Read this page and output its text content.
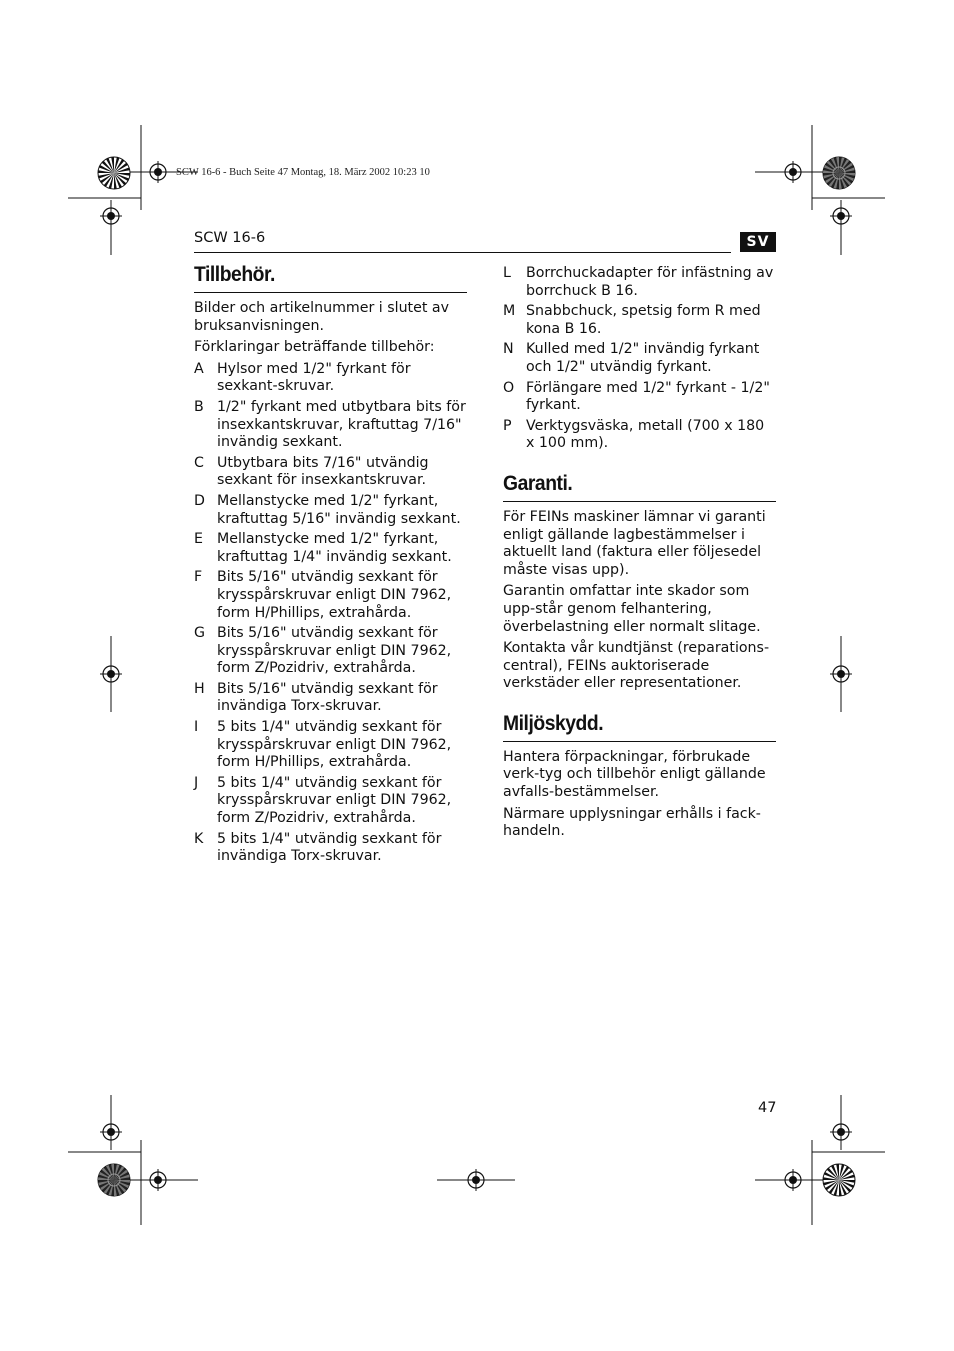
SCW 16-6 - Buch Seite 47 Montag, 18. März 2002 10:23 10
SCW 16-6	SV
Tillbehör.

Bilder och artikelnummer i slutet av bruksanvisningen.

Förklaringar beträffande tillbehör:

A Hylsor med 1/2" fyrkant för sexkant-skruvar.
B 1/2" fyrkant med utbytbara bits för insexkantskruvar, kraftuttag 7/16" invändig sexkant.
C Utbytbara bits 7/16" utvändig sexkant för insexkantskruvar.
D Mellanstycke med 1/2" fyrkant, kraftuttag 5/16" invändig sexkant.
E Mellanstycke med 1/2" fyrkant, kraftuttag 1/4" invändig sexkant.
F	Bits 5/16" utvändig sexkant för krysspårskruvar enligt DIN 7962, form H/Phillips, extrahårda.
G Bits 5/16" utvändig sexkant för krysspårskruvar enligt DIN 7962, form Z/Pozidriv, extrahårda.
H Bits 5/16" utvändig sexkant för invändiga Torx-skruvar.
I	5 bits 1/4" utvändig sexkant för krysspårskruvar enligt DIN 7962, form H/Phillips, extrahårda.
J	5 bits 1/4" utvändig sexkant för krysspårskruvar enligt DIN 7962, form Z/Pozidriv, extrahårda.
K 5 bits 1/4" utvändig sexkant för invändiga Torx-skruvar.
L	Borrchuckadapter för infästning av borrchuck B 16.
M Snabbchuck, spetsig form R med kona B 16.
N Kulled med 1/2" invändig fyrkant och 1/2" utvändig fyrkant.
O Förlängare med 1/2" fyrkant - 1/2" fyrkant.
P	Verktygsväska, metall (700 x 180 x 100 mm).
Garanti.

För FEINs maskiner lämnar vi garanti enligt gällande lagbestämmelser i aktuellt land (faktura eller följesedel måste visas upp).

Garantin omfattar inte skador som upp-står genom felhantering, överbelastning eller normalt slitage.

Kontakta vår kundtjänst (reparations-central), FEINs auktoriserade verkstäder eller representationer.

Miljöskydd.

Hantera förpackningar, förbrukade verk-tyg och tillbehör enligt gällande avfalls-bestämmelser.

Närmare upplysningar erhålls i fack-handeln.

47
